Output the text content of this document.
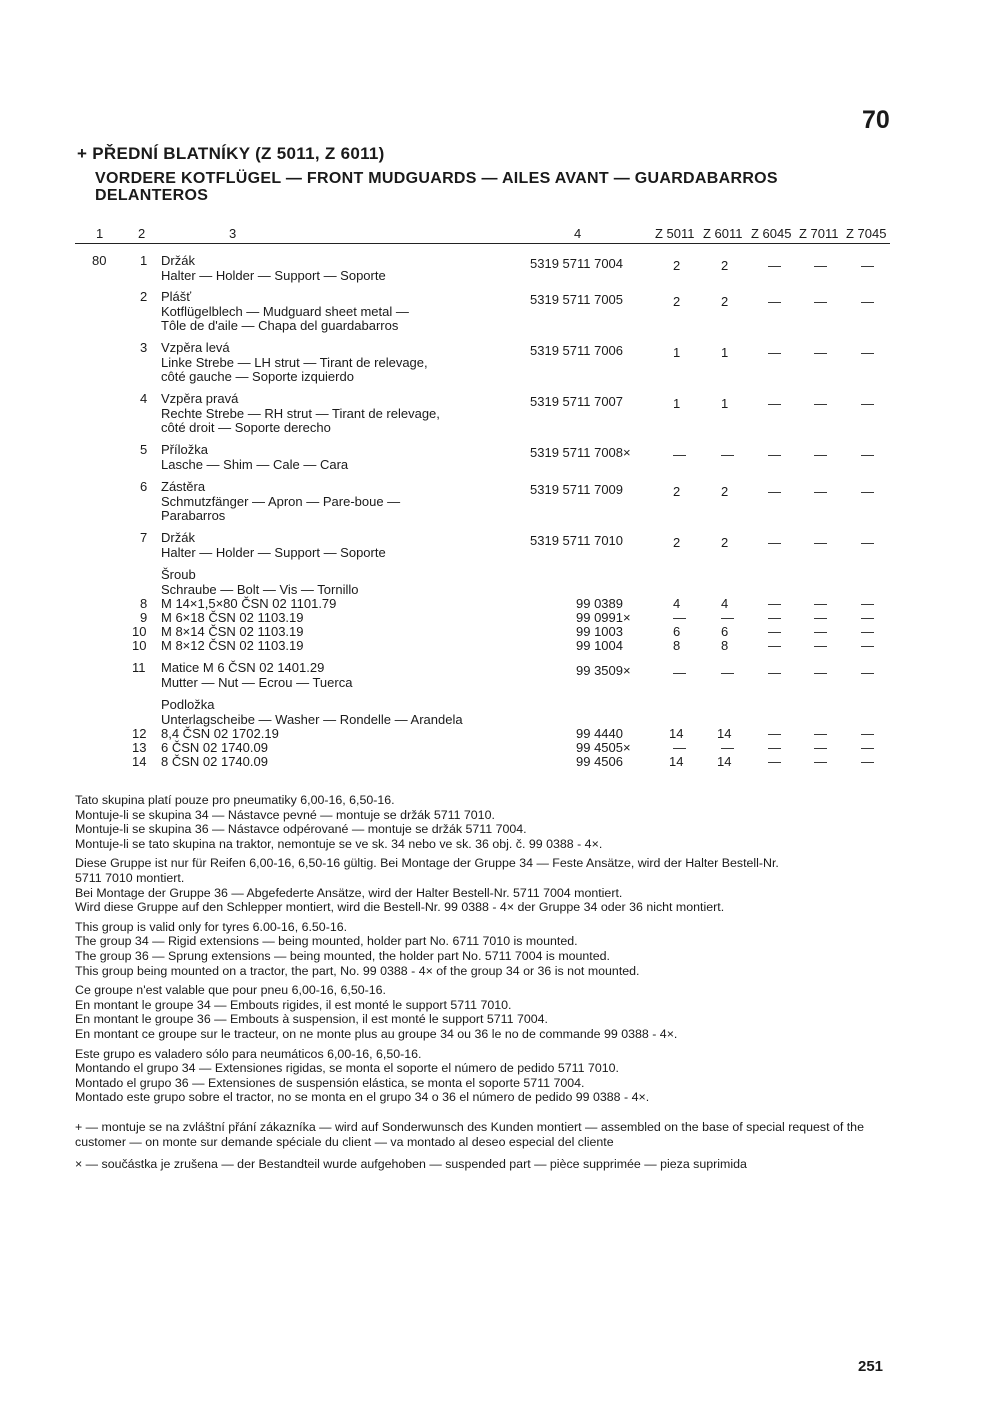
70
+ PŘEDNÍ BLATNÍKY (Z 5011, Z 6011)
VORDERE KOTFLÜGEL — FRONT MUDGUARDS — AILES AVANT — GUARDABARROS DELANTEROS
1	2	3	4	Z 5011 Z 6011 Z 6045 Z 7011 Z 7045
80	1 Držák
Halter — Holder — Support — Soporte
5319 5711 7004	2	2	—	—	—
2 Plášť
Kotflügelblech — Mudguard sheet metal —
Tôle de d'aile — Chapa del guardabarros
5319 5711 7005	2	2	—	—	—
3 Vzpěra levá
Linke Strebe — LH strut — Tirant de relevage,
côté gauche — Soporte izquierdo
5319 5711 7006	1	1	—	—	—
4 Vzpěra pravá
Rechte Strebe — RH strut — Tirant de relevage,
côté droit — Soporte derecho
5319 5711 7007	1	1	—	—	—
5 Příložka
Lasche — Shim — Cale — Cara
5319 5711 7008×	—	—	—	—	—
6 Zástěra
Schmutzfänger — Apron — Pare-boue —
Parabarros
5319 5711 7009	2	2	—	—	—
7 Držák
Halter — Holder — Support — Soporte
5319 5711 7010	2	2	—	—	—
Šroub
Schraube — Bolt — Vis — Tornillo
8 M 14×1,5×80 ČSN 02 1101.79	99 0389	4	4	—	—	—
9 M 6×18 ČSN 02 1103.19	99 0991×	—	—	—	—	—
10 M 8×14 ČSN 02 1103.19	99 1003	6	6	—	—	—
10 M 8×12 ČSN 02 1103.19	99 1004	8	8	—	—	—
11 Matice M 6 ČSN 02 1401.29
Mutter — Nut — Ecrou — Tuerca
99 3509×	—	—	—	—	—
Podložka
Unterlagscheibe — Washer — Rondelle — Arandela
12 8,4 ČSN 02 1702.19	99 4440	14	14	—	—	—
13 6 ČSN 02 1740.09	99 4505×	—	—	—	—	—
14 8 ČSN 02 1740.09	99 4506	14	14	—	—	—
Tato skupina platí pouze pro pneumatiky 6,00-16, 6,50-16.
Montuje-li se skupina 34 — Nástavce pevné — montuje se držák 5711 7010.
Montuje-li se skupina 36 — Nástavce odpérované — montuje se držák 5711 7004.
Montuje-li se tato skupina na traktor, nemontuje se ve sk. 34 nebo ve sk. 36 obj. č. 99 0388 - 4×.
Diese Gruppe ist nur für Reifen 6,00-16, 6,50-16 gültig. Bei Montage der Gruppe 34 — Feste Ansätze, wird der Halter Bestell-Nr.
5711 7010 montiert.
Bei Montage der Gruppe 36 — Abgefederte Ansätze, wird der Halter Bestell-Nr. 5711 7004 montiert.
Wird diese Gruppe auf den Schlepper montiert, wird die Bestell-Nr. 99 0388 - 4× der Gruppe 34 oder 36 nicht montiert.
This group is valid only for tyres 6.00-16, 6.50-16.
The group 34 — Rigid extensions — being mounted, holder part No. 6711 7010 is mounted.
The group 36 — Sprung extensions — being mounted, the holder part No. 5711 7004 is mounted.
This group being mounted on a tractor, the part, No. 99 0388 - 4× of the group 34 or 36 is not mounted.
Ce groupe n'est valable que pour pneu 6,00-16, 6,50-16.
En montant le groupe 34 — Embouts rigides, il est monté le support 5711 7010.
En montant le groupe 36 — Embouts à suspension, il est monté le support 5711 7004.
En montant ce groupe sur le tracteur, on ne monte plus au groupe 34 ou 36 le no de commande 99 0388 - 4×.
Este grupo es valadero sólo para neumáticos 6,00-16, 6,50-16.
Montando el grupo 34 — Extensiones rigidas, se monta el soporte el número de pedido 5711 7010.
Montado el grupo 36 — Extensiones de suspensión elástica, se monta el soporte 5711 7004.
Montado este grupo sobre el tractor, no se monta en el grupo 34 o 36 el número de pedido 99 0388 - 4×.
+ — montuje se na zvláštní přání zákazníka — wird auf Sonderwunsch des Kunden montiert — assembled on the base of special request of the customer — on monte sur demande spéciale du client — va montado al deseo especial del cliente
× — součástka je zrušena — der Bestandteil wurde aufgehoben — suspended part — pièce supprimée — pieza suprimida
251
